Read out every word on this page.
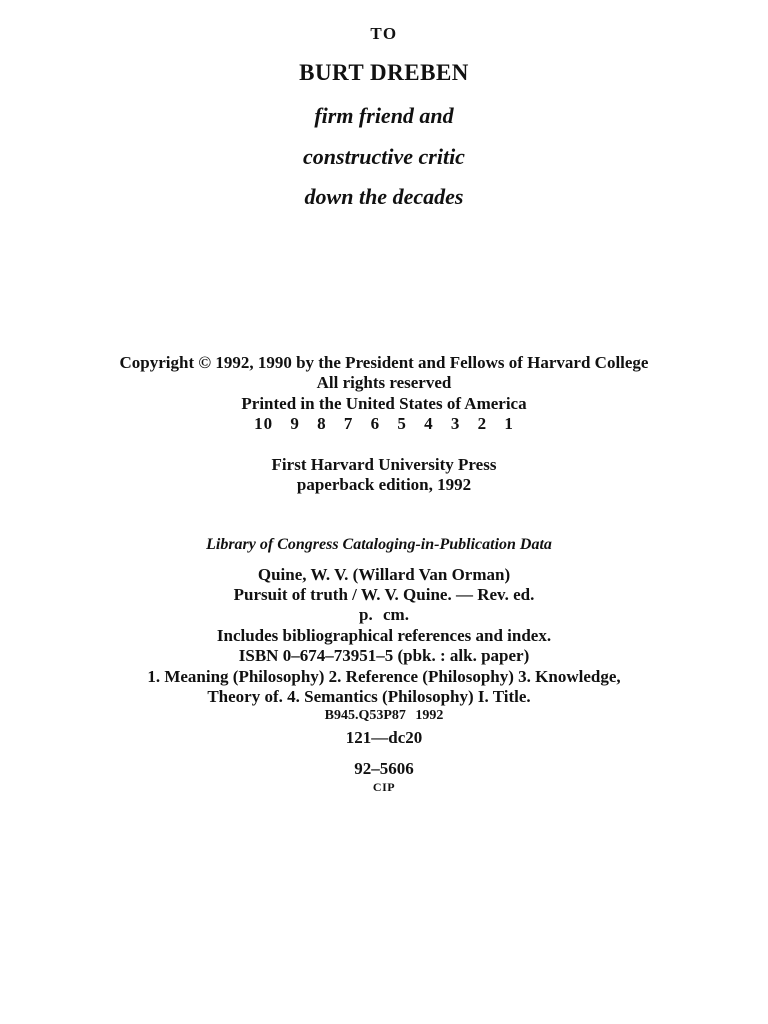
TO
BURT DREBEN
firm friend and
constructive critic
down the decades
Copyright © 1992, 1990 by the President and Fellows of Harvard College
All rights reserved
Printed in the United States of America
10 9 8 7 6 5 4 3 2 1
First Harvard University Press
paperback edition, 1992
Library of Congress Cataloging-in-Publication Data
Quine, W. V. (Willard Van Orman)
Pursuit of truth / W. V. Quine. — Rev. ed.
p. cm.
Includes bibliographical references and index.
ISBN 0–674–73951–5 (pbk. : alk. paper)
1. Meaning (Philosophy) 2. Reference (Philosophy) 3. Knowledge,
Theory of. 4. Semantics (Philosophy) I. Title.
B945.Q53P87 1992
121—dc20
92–5606
CIP
